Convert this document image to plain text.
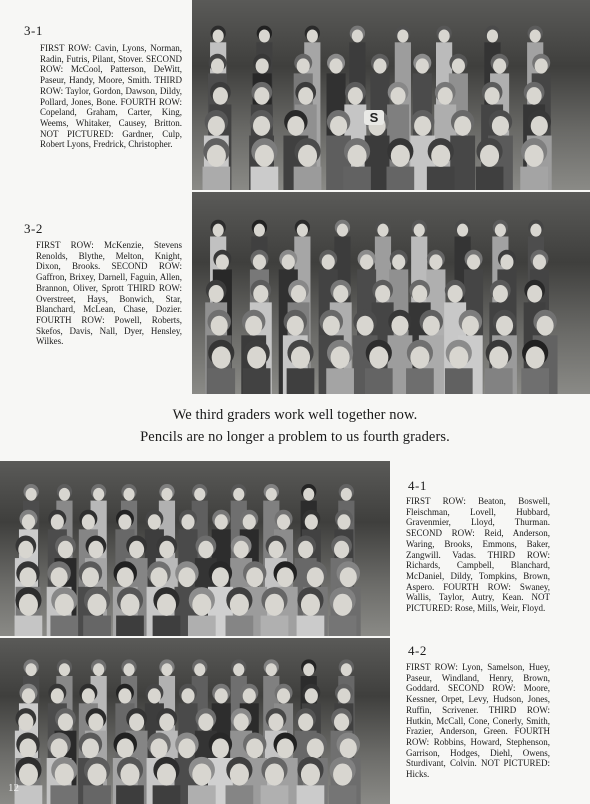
3-1
FIRST ROW: Cavin, Lyons, Norman, Radin, Futris, Pilant, Stover. SECOND ROW: McCool, Patterson, DeWitt, Paseur, Handy, Moore, Smith. THIRD ROW: Taylor, Gordon, Dawson, Dildy, Pollard, Jones, Bone. FOURTH ROW: Copeland, Graham, Carter, King, Weems, Whitaker, Causey, Britton. NOT PICTURED: Gardner, Culp, Robert Lyons, Fredrick, Christopher.
S
3-2
FIRST ROW: McKenzie, Stevens Renolds, Blythe, Melton, Knight, Dixon, Brooks. SECOND ROW: Gaffron, Brixey, Darnell, Faguin, Allen, Brannon, Oliver, Sprott THIRD ROW: Overstreet, Hays, Bonwich, Star, Blanchard, McLean, Chase, Dozier. FOURTH ROW: Powell, Roberts, Skefos, Davis, Nall, Dyer, Hensley, Wilkes.
We third graders work well together now.
Pencils are no longer a problem to us fourth graders.
4-1
FIRST ROW: Beaton, Boswell, Fleischman, Lovell, Hubbard, Gravenmier, Lloyd, Thurman. SECOND ROW: Reid, Anderson, Waring, Brooks, Emmons, Baker, Zangwill. Vadas. THIRD ROW: Richards, Campbell, Blanchard, McDaniel, Dildy, Tompkins, Brown, Aspero. FOURTH ROW: Swaney, Wallis, Taylor, Autry, Kean. NOT PICTURED: Rose, Mills, Weir, Floyd.
12
4-2
FIRST ROW: Lyon, Samelson, Huey, Paseur, Windland, Henry, Brown, Goddard. SECOND ROW: Moore, Kessner, Orpet, Levy, Hudson, Jones, Ruffin, Scrivener. THIRD ROW: Hutkin, McCall, Cone, Conerly, Smith, Frazier, Anderson, Green. FOURTH ROW: Robbins, Howard, Stephenson, Garrison, Hodges, Diehl, Owens, Sturdivant, Colvin. NOT PICTURED: Hicks.
